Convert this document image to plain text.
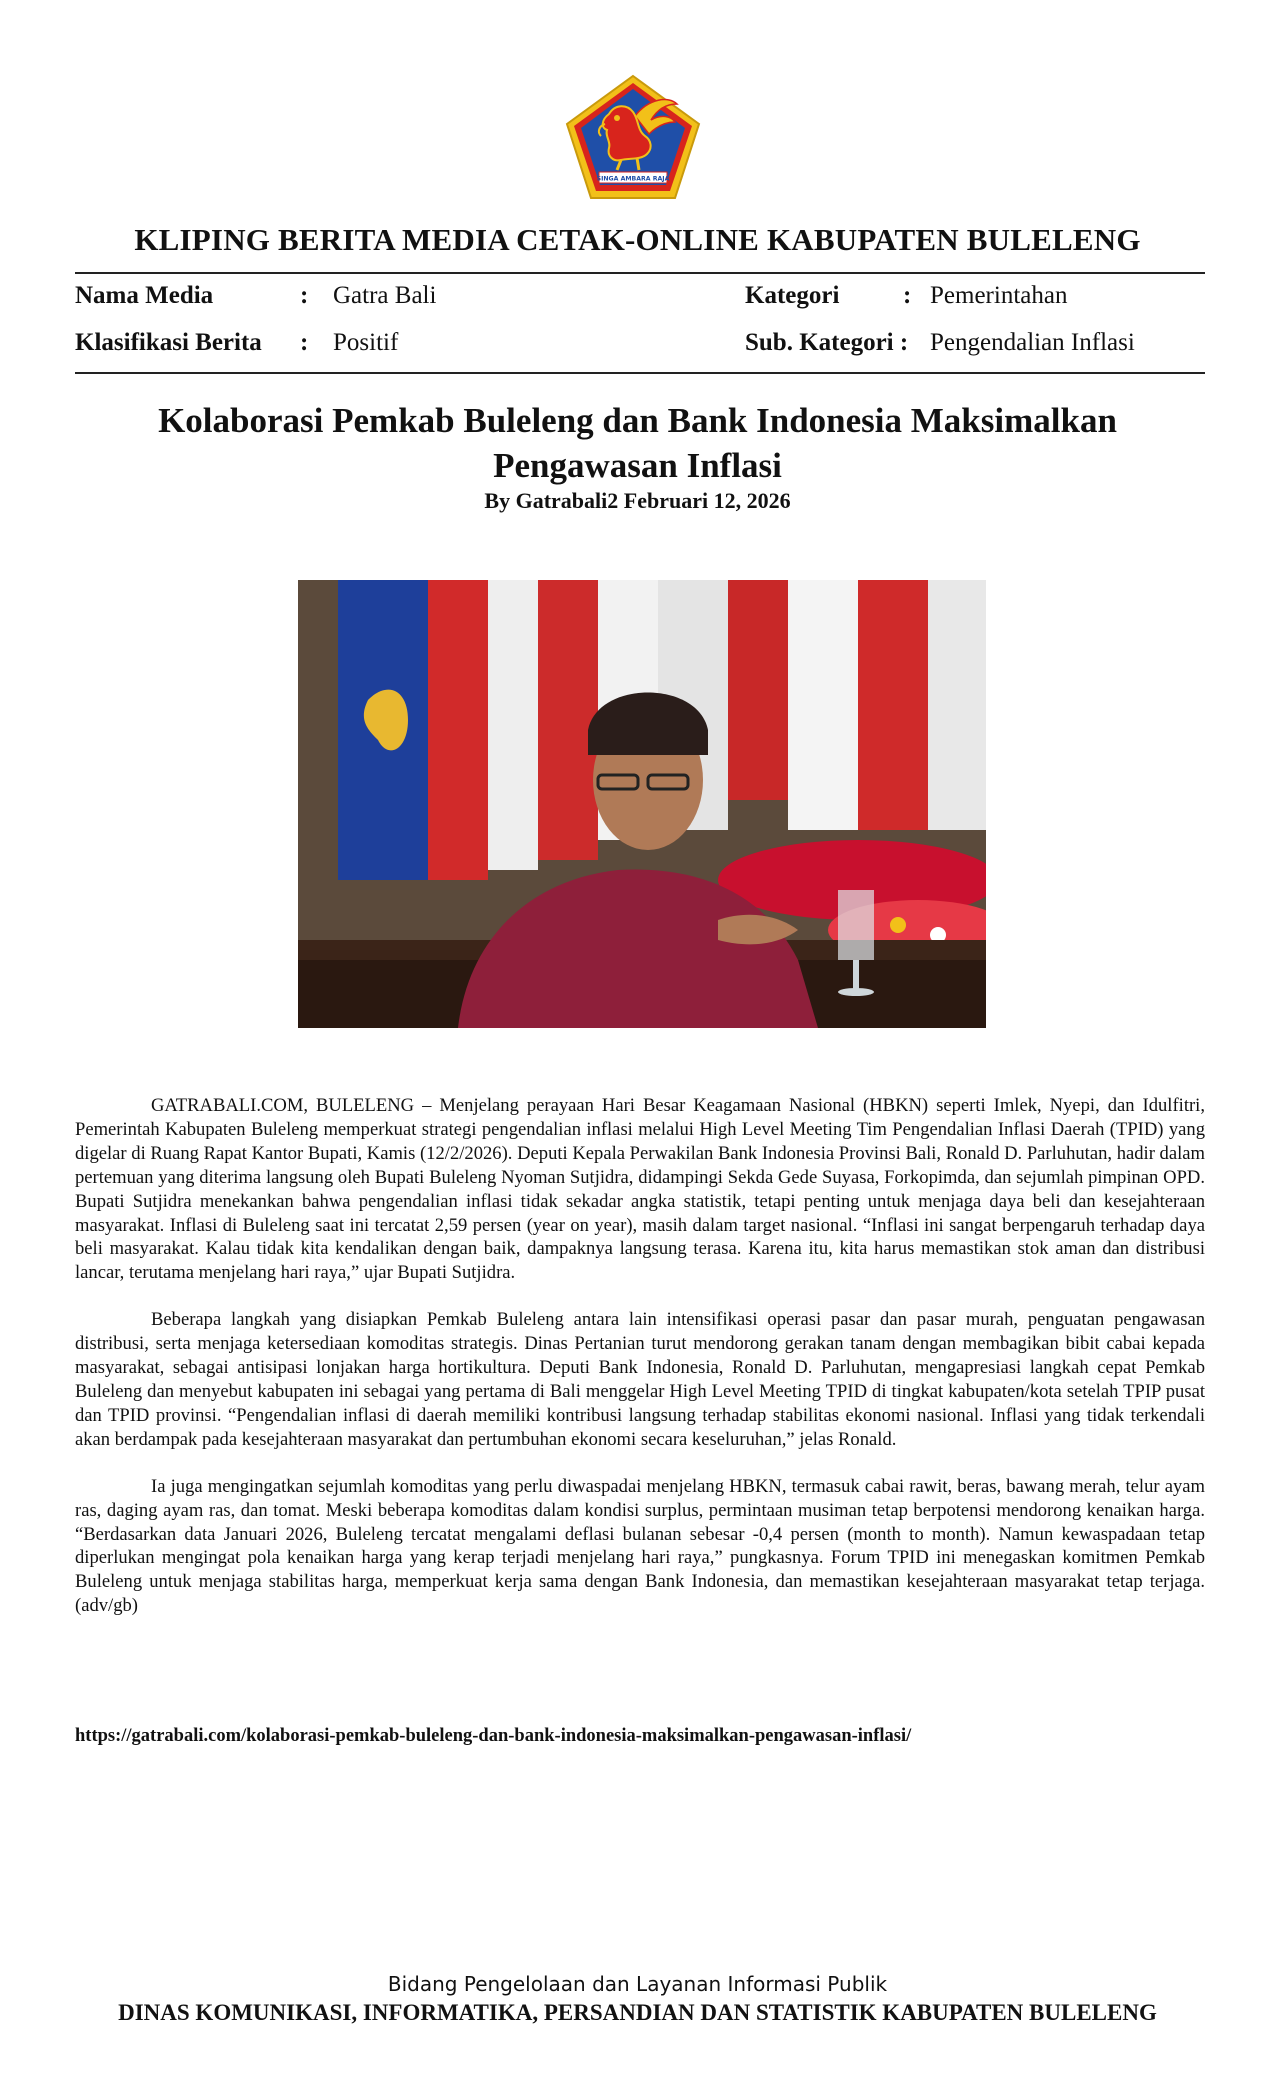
SINGA AMBARA RAJA
KLIPING BERITA MEDIA CETAK-ONLINE KABUPATEN BULELENG
Nama Media	: Gatra Bali	Kategori	: Pemerintahan
Klasifikasi Berita : Positif	Sub. Kategori : Pengendalian Inflasi
Kolaborasi Pemkab Buleleng dan Bank Indonesia Maksimalkan Pengawasan Inflasi
By Gatrabali2 Februari 12, 2026

GATRABALI.COM, BULELENG – Menjelang perayaan Hari Besar Keagamaan Nasional (HBKN) seperti Imlek, Nyepi, dan Idulfitri, Pemerintah Kabupaten Buleleng memperkuat strategi pengendalian inflasi melalui High Level Meeting Tim Pengendalian Inflasi Daerah (TPID) yang digelar di Ruang Rapat Kantor Bupati, Kamis (12/2/2026). Deputi Kepala Perwakilan Bank Indonesia Provinsi Bali, Ronald D. Parluhutan, hadir dalam pertemuan yang diterima langsung oleh Bupati Buleleng Nyoman Sutjidra, didampingi Sekda Gede Suyasa, Forkopimda, dan sejumlah pimpinan OPD. Bupati Sutjidra menekankan bahwa pengendalian inflasi tidak sekadar angka statistik, tetapi penting untuk menjaga daya beli dan kesejahteraan masyarakat. Inflasi di Buleleng saat ini tercatat 2,59 persen (year on year), masih dalam target nasional. “Inflasi ini sangat berpengaruh terhadap daya beli masyarakat. Kalau tidak kita kendalikan dengan baik, dampaknya langsung terasa. Karena itu, kita harus memastikan stok aman dan distribusi lancar, terutama menjelang hari raya,” ujar Bupati Sutjidra.

Beberapa langkah yang disiapkan Pemkab Buleleng antara lain intensifikasi operasi pasar dan pasar murah, penguatan pengawasan distribusi, serta menjaga ketersediaan komoditas strategis. Dinas Pertanian turut mendorong gerakan tanam dengan membagikan bibit cabai kepada masyarakat, sebagai antisipasi lonjakan harga hortikultura. Deputi Bank Indonesia, Ronald D. Parluhutan, mengapresiasi langkah cepat Pemkab Buleleng dan menyebut kabupaten ini sebagai yang pertama di Bali menggelar High Level Meeting TPID di tingkat kabupaten/kota setelah TPIP pusat dan TPID provinsi. “Pengendalian inflasi di daerah memiliki kontribusi langsung terhadap stabilitas ekonomi nasional. Inflasi yang tidak terkendali akan berdampak pada kesejahteraan masyarakat dan pertumbuhan ekonomi secara keseluruhan,” jelas Ronald.

Ia juga mengingatkan sejumlah komoditas yang perlu diwaspadai menjelang HBKN, termasuk cabai rawit, beras, bawang merah, telur ayam ras, daging ayam ras, dan tomat. Meski beberapa komoditas dalam kondisi surplus, permintaan musiman tetap berpotensi mendorong kenaikan harga. “Berdasarkan data Januari 2026, Buleleng tercatat mengalami deflasi bulanan sebesar -0,4 persen (month to month). Namun kewaspadaan tetap diperlukan mengingat pola kenaikan harga yang kerap terjadi menjelang hari raya,” pungkasnya. Forum TPID ini menegaskan komitmen Pemkab Buleleng untuk menjaga stabilitas harga, memperkuat kerja sama dengan Bank Indonesia, dan memastikan kesejahteraan masyarakat tetap terjaga.(adv/gb)

https://gatrabali.com/kolaborasi-pemkab-buleleng-dan-bank-indonesia-maksimalkan-pengawasan-inflasi/
Bidang Pengelolaan dan Layanan Informasi Publik
DINAS KOMUNIKASI, INFORMATIKA, PERSANDIAN DAN STATISTIK KABUPATEN BULELENG
